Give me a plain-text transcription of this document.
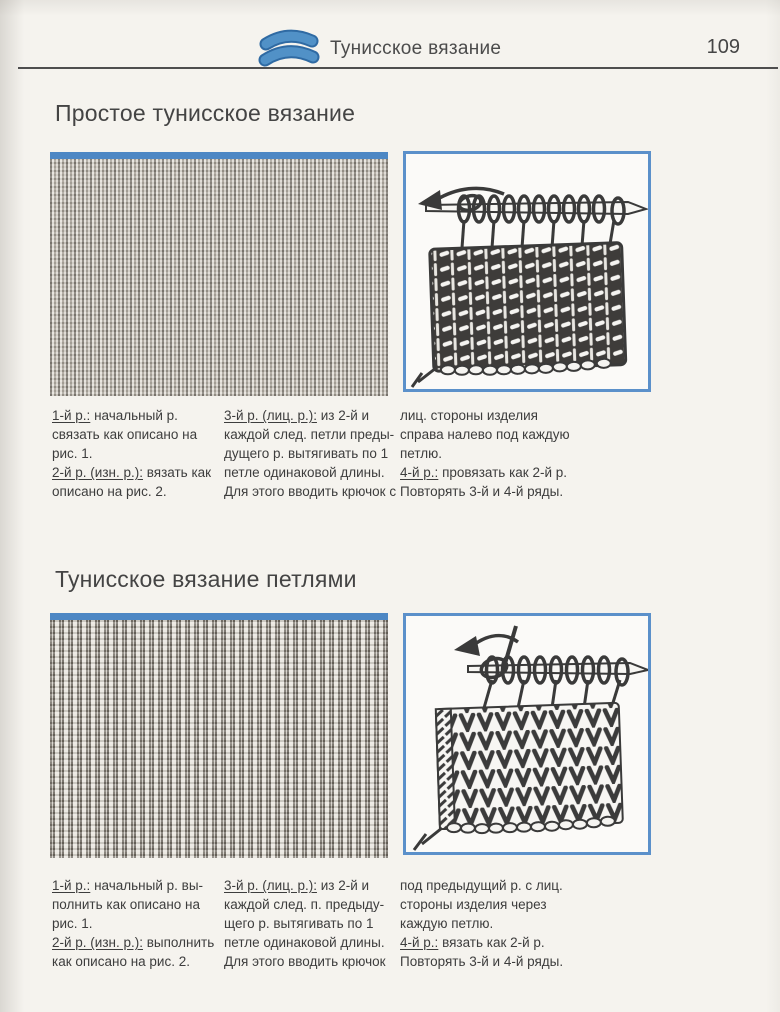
Тунисское вязание	109
Простое тунисское вязание
1-й р.: начальный р.
связать как описано на
рис. 1.
2-й р. (изн. р.): вязать как
описано на рис. 2.
3-й р. (лиц. р.): из 2-й и
каждой след. петли преды-
дущего р. вытягивать по 1
петле одинаковой длины.
Для этого вводить крючок с
лиц. стороны изделия
справа налево под каждую
петлю.
4-й р.: провязать как 2-й р.
Повторять 3-й и 4-й ряды.
Тунисское вязание петлями
1-й р.: начальный р. вы-
полнить как описано на
рис. 1.
2-й р. (изн. р.): выполнить
как описано на рис. 2.
3-й р. (лиц. р.): из 2-й и
каждой след. п. предыду-
щего р. вытягивать по 1
петле одинаковой длины.
Для этого вводить крючок
под предыдущий р. с лиц.
стороны изделия через
каждую петлю.
4-й р.: вязать как 2-й р.
Повторять 3-й и 4-й ряды.
